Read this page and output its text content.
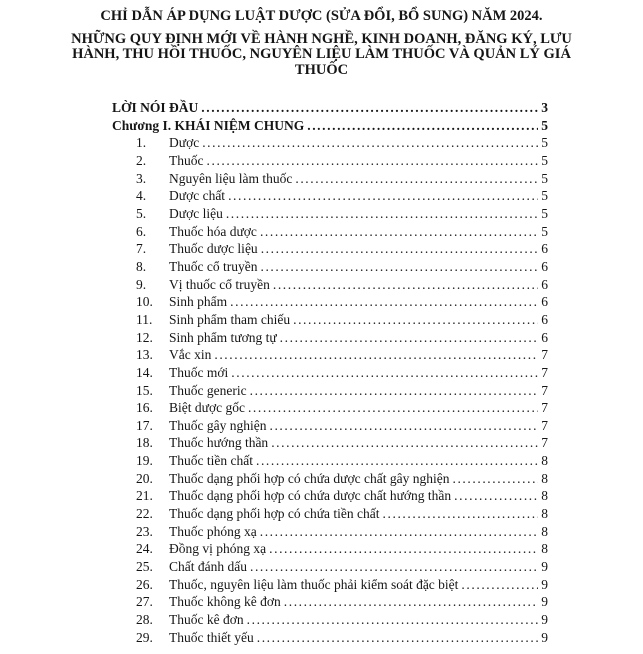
CHỈ DẪN ÁP DỤNG LUẬT DƯỢC (SỬA ĐỔI, BỔ SUNG) NĂM 2024.
NHỮNG QUY ĐỊNH MỚI VỀ HÀNH NGHỀ, KINH DOANH, ĐĂNG KÝ, LƯU
HÀNH, THU HỒI THUỐC, NGUYÊN LIỆU LÀM THUỐC VÀ QUẢN LÝ GIÁ
THUỐC
LỜI NÓI ĐẦU .....	3
Chương I. KHÁI NIỆM CHUNG .....	5
1.	Dược .....	5
2.	Thuốc .....	5
3.	Nguyên liệu làm thuốc .....	5
4.	Dược chất .....	5
5.	Dược liệu .....	5
6.	Thuốc hóa dược .....	5
7.	Thuốc dược liệu .....	6
8.	Thuốc cổ truyền .....	6
9.	Vị thuốc cổ truyền .....	6
10.	Sinh phẩm .....	6
11.	Sinh phẩm tham chiếu .....	6
12.	Sinh phẩm tương tự .....	6
13.	Vắc xin .....	7
14.	Thuốc mới .....	7
15.	Thuốc generic .....	7
16.	Biệt dược gốc .....	7
17.	Thuốc gây nghiện .....	7
18.	Thuốc hướng thần .....	7
19.	Thuốc tiền chất .....	8
20.	Thuốc dạng phối hợp có chứa dược chất gây nghiện .....	8
21.	Thuốc dạng phối hợp có chứa dược chất hướng thần .....	8
22.	Thuốc dạng phối hợp có chứa tiền chất .....	8
23.	Thuốc phóng xạ .....	8
24.	Đồng vị phóng xạ .....	8
25.	Chất đánh dấu .....	9
26.	Thuốc, nguyên liệu làm thuốc phải kiểm soát đặc biệt .....	9
27.	Thuốc không kê đơn .....	9
28.	Thuốc kê đơn .....	9
29.	Thuốc thiết yếu .....	9
